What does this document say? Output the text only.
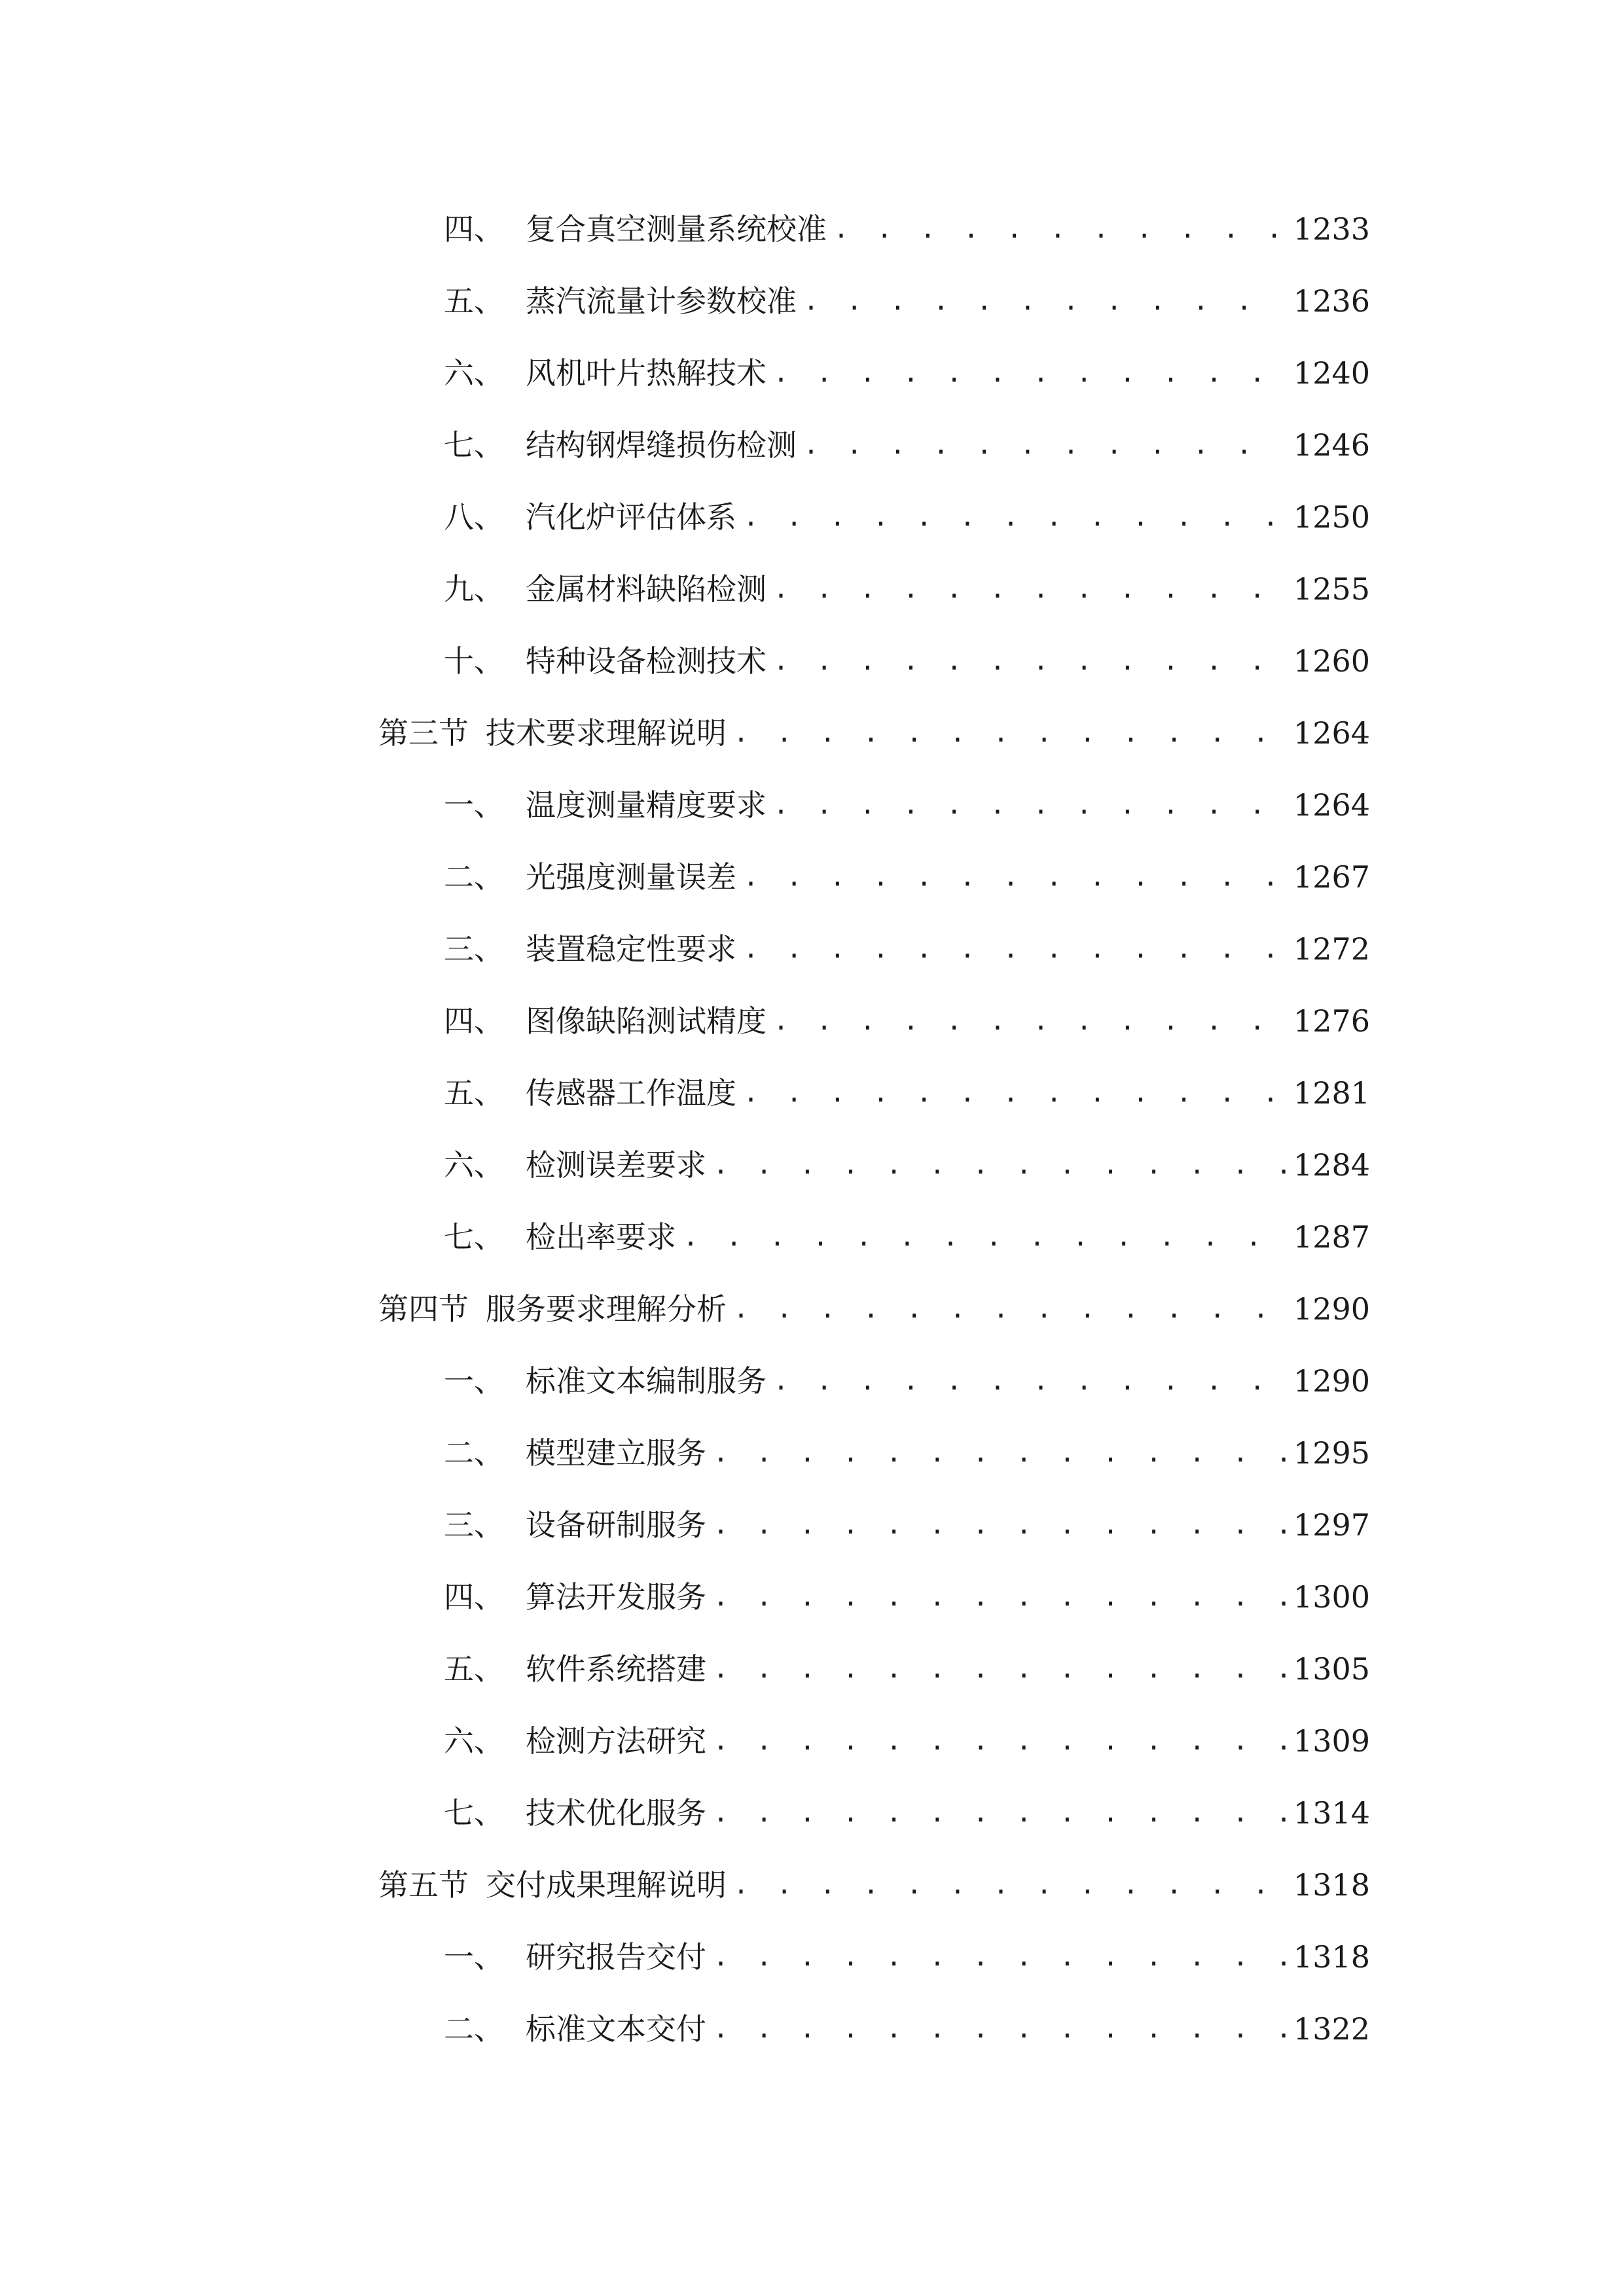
四、 复合真空测量系统校准 . . .	1233
五、 蒸汽流量计参数校准 . . .	1236
六、 风机叶片热解技术 . . .	1240
七、 结构钢焊缝损伤检测 . . .	1246
八、 汽化炉评估体系 . . .	1250
九、 金属材料缺陷检测 . . .	1255
十、 特种设备检测技术 . . .	1260
第三节 技术要求理解说明 . . .	1264
一、 温度测量精度要求 . . .	1264
二、 光强度测量误差 . . .	1267
三、 装置稳定性要求 . . .	1272
四、 图像缺陷测试精度 . . .	1276
五、 传感器工作温度 . . .	1281
六、 检测误差要求 . . .	1284
七、 检出率要求 . . .	1287
第四节 服务要求理解分析 . . .	1290
一、 标准文本编制服务 . . .	1290
二、 模型建立服务 . . .	1295
三、 设备研制服务 . . .	1297
四、 算法开发服务 . . .	1300
五、 软件系统搭建 . . .	1305
六、 检测方法研究 . . .	1309
七、 技术优化服务 . . .	1314
第五节 交付成果理解说明 . . .	1318
一、 研究报告交付 . . .	1318
二、 标准文本交付 . . .	1322
